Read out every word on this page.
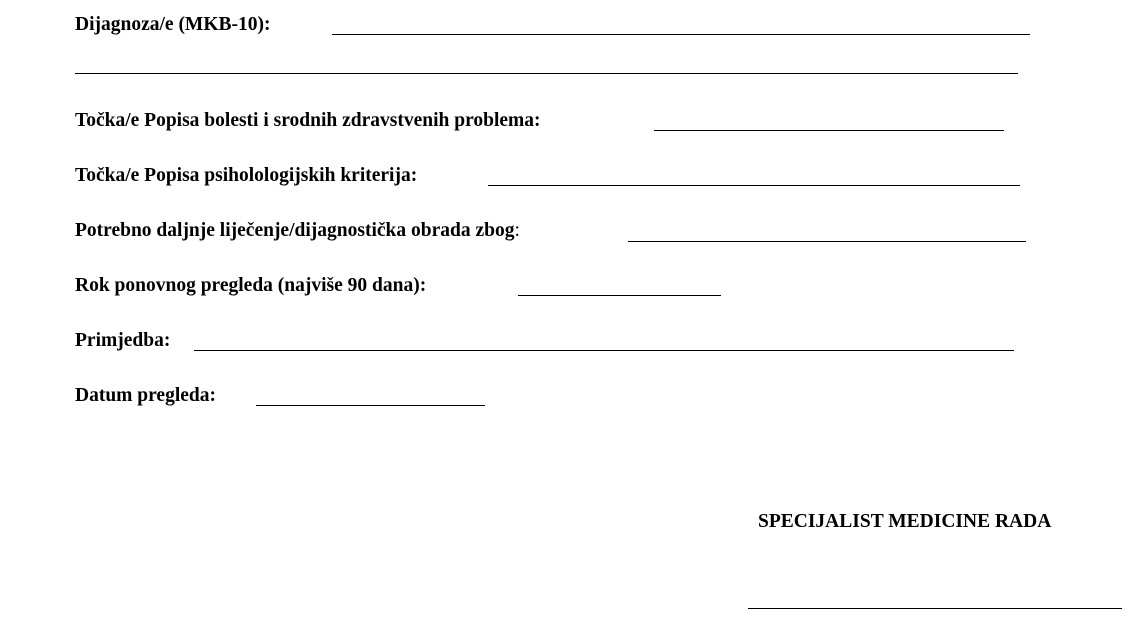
Dijagnoza/e (MKB-10):
Točka/e Popisa bolesti i srodnih zdravstvenih problema:
Točka/e Popisa psiholologijskih kriterija:
Potrebno daljnje liječenje/dijagnostička obrada zbog:
Rok ponovnog pregleda (najviše 90 dana):
Primjedba:
Datum pregleda:
SPECIJALIST MEDICINE RADA
